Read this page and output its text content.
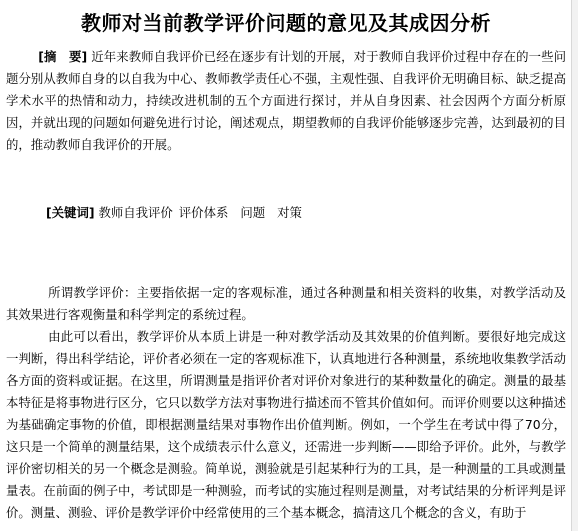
教师对当前教学评价问题的意见及其成因分析

[摘　要] 近年来教师自我评价已经在逐步有计划的开展，对于教师自我评价过程中存在的一些问题分别从教师自身的以自我为中心、教师教学责任心不强，主观性强、自我评价无明确目标、缺乏提高学术水平的热情和动力，持续改进机制的五个方面进行探讨，并从自身因素、社会因两个方面分析原因，并就出现的问题如何避免进行讨论，阐述观点，期望教师的自我评价能够逐步完善，达到最初的目的，推动教师自我评价的开展。

[关键词] 教师自我评价 评价体系 问题 对策

所谓教学评价：主要指依据一定的客观标准，通过各种测量和相关资料的收集，对教学活动及其效果进行客观衡量和科学判定的系统过程。

由此可以看出，教学评价从本质上讲是一种对教学活动及其效果的价值判断。要很好地完成这一判断，得出科学结论，评价者必须在一定的客观标准下，认真地进行各种测量，系统地收集教学活动各方面的资料或证据。在这里，所谓测量是指评价者对评价对象进行的某种数量化的确定。测量的最基本特征是将事物进行区分，它只以数学方法对事物进行描述而不管其价值如何。而评价则要以这种描述为基础确定事物的价值，即根据测量结果对事物作出价值判断。例如，一个学生在考试中得了70分，这只是一个简单的测量结果，这个成绩表示什么意义，还需进一步判断——即给予评价。此外，与教学评价密切相关的另一个概念是测验。简单说，测验就是引起某种行为的工具，是一种测量的工具或测量量表。在前面的例子中，考试即是一种测验，而考试的实施过程则是测量，对考试结果的分析评判是评价。测量、测验、评价是教学评价中经常使用的三个基本概念，搞清这几个概念的含义，有助于
